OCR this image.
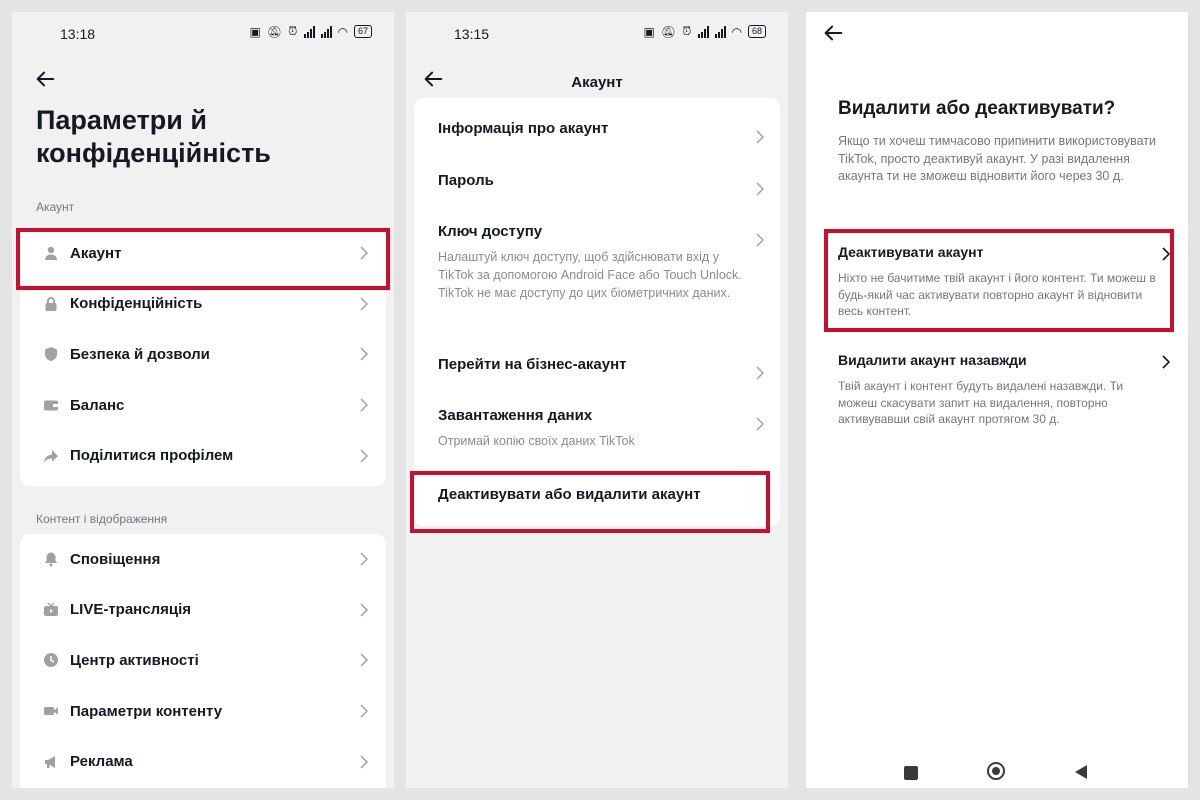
13:18	▣ 🔕︎ ⏰︎	◠	67
Параметри й конфіденційність
Акаунт
Акаунт
Конфіденційність
Безпека й дозволи
Баланс
Поділитися профілем
Контент і відображення
Сповіщення
LIVE-трансляція
Центр активності
Параметри контенту
Реклама
13:15	▣ 🔕︎ ⏰︎	◠	68
Акаунт
Інформація про акаунт
Пароль
Ключ доступу
Налаштуй ключ доступу, щоб здійснювати вхід у TikTok за допомогою Android Face або Touch Unlock. TikTok не має доступу до цих біометричних даних.
Перейти на бізнес-акаунт
Завантаження даних
Отримай копію своїх даних TikTok
Деактивувати або видалити акаунт
Видалити або деактивувати?
Якщо ти хочеш тимчасово припинити використовувати TikTok, просто деактивуй акаунт. У разі видалення акаунта ти не зможеш відновити його через 30 д.
Деактивувати акаунт
Ніхто не бачитиме твій акаунт і його контент. Ти можеш в будь-який час активувати повторно акаунт й відновити весь контент.
Видалити акаунт назавжди
Твій акаунт і контент будуть видалені назавжди. Ти можеш скасувати запит на видалення, повторно активувавши свій акаунт протягом 30 д.
